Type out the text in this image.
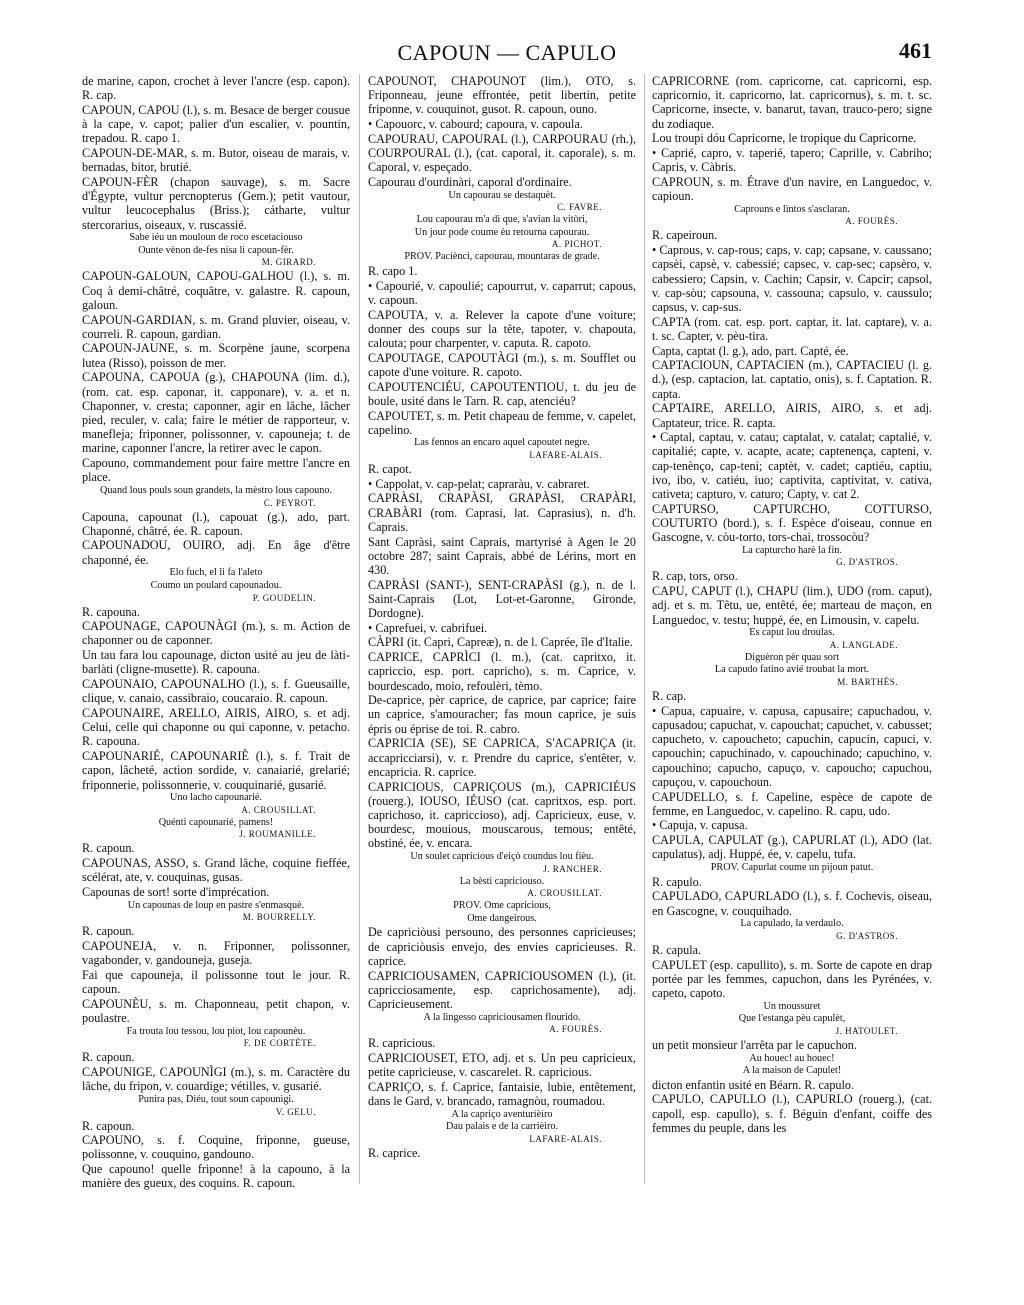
CAPOUN — CAPULO	461

de marine, capon, crochet à lever l'ancre (esp. capon). R. cap.

CAPOUN, CAPOU (l.), s. m. Besace de berger cousue à la cape, v. capot; palier d'un escalier, v. pountin, trepadou. R. capo 1.

CAPOUN-DE-MAR, s. m. Butor, oiseau de marais, v. bernadas, bitor, brutié.

CAPOUN-FÈR (chapon sauvage), s. m. Sacre d'Égypte, vultur percnopterus (Gem.); petit vautour, vultur leucocephalus (Briss.); cátharte, vultur stercorarius, oiseaux, v. ruscassié.

Sabe iéu un mouloun de roco escetaciouso

Ounte vènon de-fes nisa li capoun-fèr.

M. GIRARD.

CAPOUN-GALOUN, CAPOU-GALHOU (l.), s. m. Coq à demi-châtré, coquâtre, v. galastre. R. capoun, galoun.

CAPOUN-GARDIAN, s. m. Grand pluvier, oiseau, v. courreli. R. capoun, gardian.

CAPOUN-JAUNE, s. m. Scorpène jaune, scorpena lutea (Risso), poisson de mer.

CAPOUNA, CAPOUA (g.), CHAPOUNA (lim. d.), (rom. cat. esp. caponar, it. capponare), v. a. et n. Chaponner, v. cresta; caponner, agir en lâche, lâcher pied, reculer, v. cala; faire le métier de rapporteur, v. manefleja; friponner, polissonner, v. capouneja; t. de marine, caponner l'ancre, la retirer avec le capon.

Capouno, commandement pour faire mettre l'ancre en place.

Quand lous pouls soun grandets, la mèstro lous capouno.

C. PEYROT.

Capouna, capounat (l.), capouat (g.), ado, part. Chaponné, châtré, ée. R. capoun.

CAPOUNADOU, OUIRO, adj. En âge d'être chaponné, ée.

Elo fuch, el li fa l'aleto

Coumo un poulard capounadou.

P. GOUDELIN.

R. capouna.

CAPOUNAGE, CAPOUNÀGI (m.), s. m. Action de chaponner ou de caponner.

Un tau fara lou capounage, dicton usité au jeu de làti-barlàti (cligne-musette). R. capouna.

CAPOUNAIO, CAPOUNALHO (l.), s. f. Gueusaille, clique, v. canaio, cassibraio, coucaraio. R. capoun.

CAPOUNAIRE, ARELLO, AIRIS, AIRO, s. et adj. Celui, celle qui chaponne ou qui caponne, v. petacho. R. capouna.

CAPOUNARIÉ, CAPOUNARIÈ (l.), s. f. Trait de capon, lâcheté, action sordide, v. canaiarié, grelarié; friponnerie, polissonnerie, v. couquinarié, gusarié.

Uno lacho capounarié.

A. CROUSILLAT.

Quénti capounarié, pamens!

J. ROUMANILLE.

R. capoun.

CAPOUNAS, ASSO, s. Grand lâche, coquine fieffée, scélérat, ate, v. couquinas, gusas.

Capounas de sort! sorte d'imprécation.

Un capounas de loup en pastre s'enmasquè.

M. BOURRELLY.

R. capoun.

CAPOUNEJA, v. n. Friponner, polissonner, vagabonder, v. gandouneja, gusejа.

Fai que capouneja, il polissonne tout le jour. R. capoun.

CAPOUNÈU, s. m. Chaponneau, petit chapon, v. poulastre.

Fa trouta lou tessou, lou piot, lou capounèu.

F. DE CORTÈTE.

R. capoun.

CAPOUNIGE, CAPOUNÌGI (m.), s. m. Caractère du lâche, du fripon, v. couardige; vétilles, v. gusarié.

Punira pas, Diéu, tout soun capounìgi.

V. GELU.

R. capoun.

CAPOUNO, s. f. Coquine, friponne, gueuse, polissonne, v. couquino, gandouno.

Que capouno! quelle friponne! à la capouno, à la manière des gueux, des coquins. R. capoun.

CAPOUNOT, CHAPOUNOT (lim.), OTO, s. Friponneau, jeune effrontée, petit libertin, petite friponne, v. couquinot, gusot. R. capoun, ouno.

• Capouorc, v. cabourd; capoura, v. capoula.

CAPOURAU, CAPOURAL (l.), CARPOURAU (rh.), COURPOURAL (l.), (cat. caporal, it. caporale), s. m. Caporal, v. espeçado.

Capourau d'ourdinàri, caporal d'ordinaire.

Un capourau se destaquèt.

C. FAVRE.

Lou capourau m'a di que, s'avian la vitòri,

Un jour pode coume èu retourna capourau.

A. PICHOT.

PROV. Paciènci, capourau, mountaras de grade.

R. capo 1.

• Capourié, v. capoulié; capourrut, v. caparrut; capous, v. capoun.

CAPOUTA, v. a. Relever la capote d'une voiture; donner des coups sur la tête, tapoter, v. chapouta, calouta; pour charpenter, v. caputa. R. capoto.

CAPOUTAGE, CAPOUTÀGI (m.), s. m. Soufflet ou capote d'une voiture. R. capoto.

CAPOUTENCIÉU, CAPOUTENTIOU, t. du jeu de boule, usité dans le Tarn. R. cap, atenciéu?

CAPOUTET, s. m. Petit chapeau de femme, v. capelet, capelino.

Las fennos an encaro aquel capoutet negre.

LAFARE-ALAIS.

R. capot.

• Cappolat, v. cap-pelat; capraràu, v. cabraret.

CAPRÀSI, CRAPÀSI, GRAPÀSI, CRAPÀRI, CRABÀRI (rom. Caprasi, lat. Caprasius), n. d'h. Caprais.

Sant Capràsi, saint Caprais, martyrisé à Agen le 20 octobre 287; saint Caprais, abbé de Lérins, mort en 430.

CAPRÀSI (SANT-), SENT-CRAPÀSI (g.), n. de l. Saint-Caprais (Lot, Lot-et-Garonne, Gironde, Dordogne).

• Caprefuei, v. cabrifuei.

CÀPRI (it. Capri, Capreæ), n. de l. Caprée, île d'Italie.

CAPRICE, CAPRÌCI (l. m.), (cat. capritxo, it. capriccio, esp. port. capricho), s. m. Caprice, v. bourdescado, moio, refoulèri, tèmo.

De-caprice, pèr caprice, de caprice, par caprice; faire un caprice, s'amouracher; fas moun caprice, je suis épris ou éprise de toi. R. cabro.

CAPRICIA (SE), SE CAPRICA, S'ACAPRIÇA (it. accapricciarsi), v. r. Prendre du caprice, s'entêter, v. encapricia. R. caprice.

CAPRICIOUS, CAPRIÇOUS (m.), CAPRICIÉUS (rouerg.), IOUSO, IÉUSO (cat. capritxos, esp. port. caprichoso, it. capriccioso), adj. Capricieux, euse, v. bourdesc, mouious, mouscarous, temous; entêté, obstiné, ée, v. encara.

Un soulet capricious d'eiçò coundus lou fièu.

J. RANCHER.

La bèsti capriciouso.

A. CROUSILLAT.

PROV. Ome capricious,

Ome dangeirous.

De capriciòusi persouno, des personnes capricieuses; de capriciòusis envejo, des envies capricieuses. R. caprice.

CAPRICIOUSAMEN, CAPRICIOUSOMEN (l.), (it. capricciosamente, esp. caprichosamente), adj. Capricieusement.

A la lingesso capriciousamen flourido.

A. FOURÈS.

R. capricious.

CAPRICIOUSET, ETO, adj. et s. Un peu capricieux, petite capricieuse, v. cascarelet. R. capricious.

CAPRIÇO, s. f. Caprice, fantaisie, lubie, entêtement, dans le Gard, v. brancado, ramagnòu, roumadou.

A la capriço aventurièiro

Dau palais e de la carrièiro.

LAFARE-ALAIS.

R. caprice.

CAPRICORNE (rom. capricorne, cat. capricorni, esp. capricornio, it. capricorno, lat. capricornus), s. m. t. sc. Capricorne, insecte, v. banarut, tavan, trauco-pero; signe du zodiaque.

Lou troupi dóu Capricorne, le tropique du Capricorne.

• Caprié, capro, v. taperié, tapero; Caprille, v. Cabriho; Capris, v. Càbris.

CAPROUN, s. m. Étrave d'un navire, en Languedoc, v. capioun.

Caprouns e lintos s'asclaran.

A. FOURÈS.

R. capeiroun.

• Caprous, v. cap-rous; caps, v. cap; capsane, v. caussano; capsèi, capsè, v. cabessié; capsec, v. cap-sec; capsèro, v. cabessiero; Capsin, v. Cachin; Capsir, v. Capcir; capsol, v. cap-sòu; capsouna, v. cassouna; capsulo, v. caussulo; capsus, v. cap-sus.

CAPTA (rom. cat. esp. port. captar, it. lat. captare), v. a. t. sc. Capter, v. pèu-tira.

Capta, captat (l. g.), ado, part. Capté, ée.

CAPTACIOUN, CAPTACIEN (m.), CAPTACIEU (l. g. d.), (esp. captacion, lat. captatio, onis), s. f. Captation. R. capta.

CAPTAIRE, ARELLO, AIRIS, AIRO, s. et adj. Captateur, trice. R. capta.

• Captal, captau, v. catau; captalat, v. catalat; captalié, v. capitalié; capte, v. acapte, acate; captenença, capteni, v. cap-tenènço, cap-teni; captèt, v. cadet; captiéu, captiu, ivo, ibo, v. catiéu, iuo; captivita, captivitat, v. cativa, cativeta; capturo, v. caturo; Capty, v. cat 2.

CAPTURSO, CAPTURCHO, COTTURSO, COUTURTO (bord.), s. f. Espèce d'oiseau, connue en Gascogne, v. còu-torto, tors-chai, trossocòu?

La capturcho harè la fin.

G. D'ASTROS.

R. cap, tors, orso.

CAPU, CAPUT (l.), CHAPU (lim.), UDO (rom. caput), adj. et s. m. Têtu, ue, entêté, ée; marteau de maçon, en Languedoc, v. testu; huppé, ée, en Limousin, v. capelu.

Es caput lou droulas.

A. LANGLADE.

Diguèron pèr quau sort

La capudo fatino avié troubat la mort.

M. BARTHÉS.

R. cap.

• Capua, capuaire, v. capusa, capusaire; capuchadou, v. capusadou; capuchat, v. capouchat; capuchet, v. cabusset; capucheto, v. capoucheto; capuchin, capucin, capuci, v. capouchin; capuchinado, v. capouchinado; capuchino, v. capouchino; capucho, capuço, v. capoucho; capuchou, capuçou, v. capouchoun.

CAPUDELLO, s. f. Capeline, espèce de capote de femme, en Languedoc, v. capelino. R. capu, udo.

• Capuja, v. capusa.

CAPULA, CAPULAT (g.), CAPURLAT (l.), ADO (lat. capulatus), adj. Huppé, ée, v. capelu, tufa.

PROV. Capurlat coume un pijoun patut.

R. capulo.

CAPULADO, CAPURLADO (l.), s. f. Cochevis, oiseau, en Gascogne, v. couquihado.

La capulado, la verdaulo.

G. D'ASTROS.

R. capula.

CAPULET (esp. capullito), s. m. Sorte de capote en drap portée par les femmes, capuchon, dans les Pyrénées, v. capeto, capoto.

Un moussuret

Que l'estanga pèu capulèt,

J. HATOULET.

un petit monsieur l'arrêta par le capuchon.

Au houec! au houec!

A la maison de Capulet!

dicton enfantin usité en Béarn. R. capulo.

CAPULO, CAPULLO (l.), CAPURLO (rouerg.), (cat. capoll, esp. capullo), s. f. Béguin d'enfant, coiffe des femmes du peuple, dans les
